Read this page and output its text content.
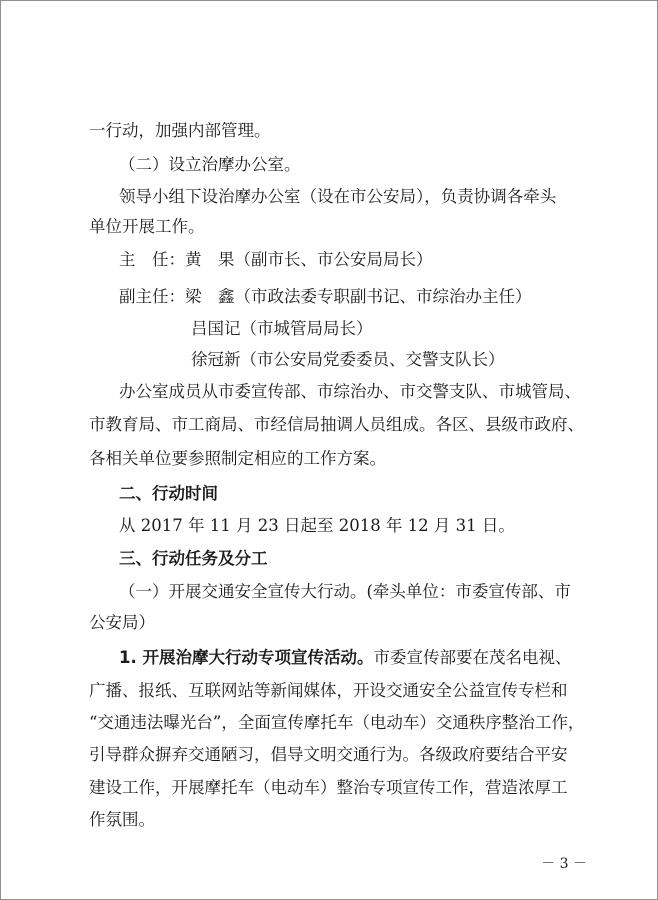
一行动，加强内部管理。
（二）设立治摩办公室。
领导小组下设治摩办公室（设在市公安局），负责协调各牵头
单位开展工作。
主　任：黄　果（副市长、市公安局局长）
副主任：梁　鑫（市政法委专职副书记、市综治办主任）
吕国记（市城管局局长）
徐冠新（市公安局党委委员、交警支队长）
办公室成员从市委宣传部、市综治办、市交警支队、市城管局、
市教育局、市工商局、市经信局抽调人员组成。各区、县级市政府、
各相关单位要参照制定相应的工作方案。
二、行动时间
从 2017 年 11 月 23 日起至 2018 年 12 月 31 日。
三、行动任务及分工
（一）开展交通安全宣传大行动。(牵头单位：市委宣传部、市
公安局）
1. 开展治摩大行动专项宣传活动。市委宣传部要在茂名电视、
广播、报纸、互联网站等新闻媒体，开设交通安全公益宣传专栏和
“交通违法曝光台”，全面宣传摩托车（电动车）交通秩序整治工作，
引导群众摒弃交通陋习，倡导文明交通行为。各级政府要结合平安
建设工作，开展摩托车（电动车）整治专项宣传工作，营造浓厚工
作氛围。
－ 3 －
